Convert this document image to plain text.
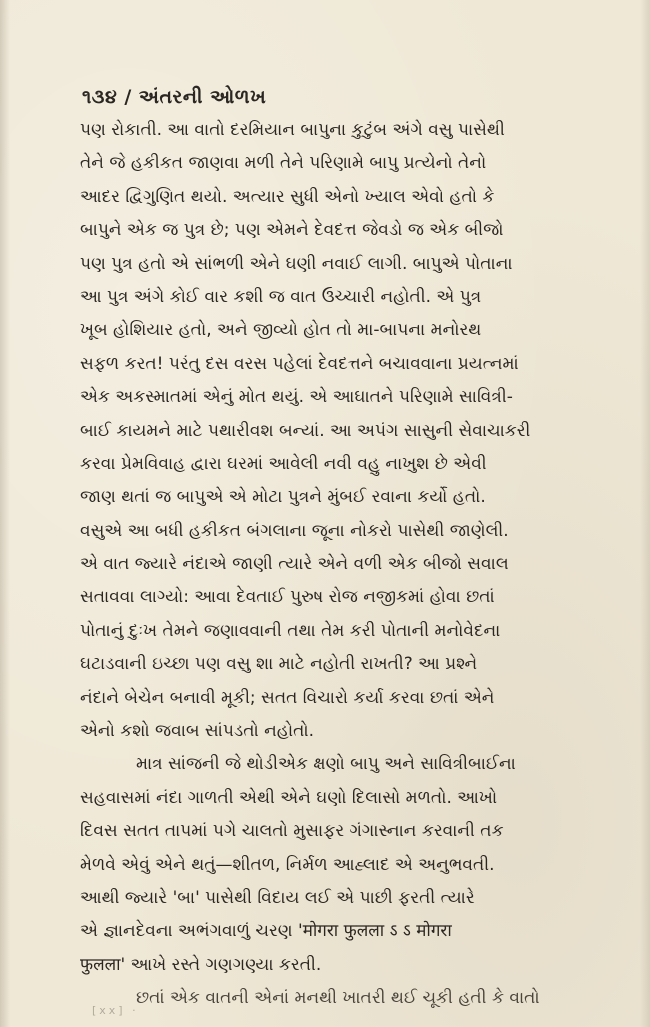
૧૩૪ / અંતરની ઓળખ
પણ રોકાતી. આ વાતો દરમિયાન બાપુના કુટુંબ અંગે વસુ પાસેથી
તેને જે હકીકત જાણવા મળી તેને પરિણામે બાપુ પ્રત્યેનો તેનો
આદર દ્વિગુણિત થયો. અત્યાર સુધી એનો ખ્યાલ એવો હતો કે
બાપુને એક જ પુત્ર છે; પણ એમને દેવદત્ત જેવડો જ એક બીજો
પણ પુત્ર હતો એ સાંભળી એને ઘણી નવાઈ લાગી. બાપુએ પોતાના
આ પુત્ર અંગે કોઈ વાર કશી જ વાત ઉચ્ચારી નહોતી. એ પુત્ર
ખૂબ હોશિયાર હતો, અને જીવ્યો હોત તો મા-બાપના મનોરથ
સફળ કરત! પરંતુ દસ વરસ પહેલાં દેવદત્તને બચાવવાના પ્રયત્નમાં
એક અકસ્માતમાં એનું મોત થયું. એ આઘાતને પરિણામે સાવિત્રી-
બાઈ કાયમને માટે પથારીવશ બન્યાં. આ અપંગ સાસુની સેવાચાકરી
કરવા પ્રેમવિવાહ દ્વારા ઘરમાં આવેલી નવી વહુ નાખુશ છે એવી
જાણ થતાં જ બાપુએ એ મોટા પુત્રને મુંબઈ રવાના કર્યો હતો.
વસુએ આ બધી હકીકત બંગલાના જૂના નોકરો પાસેથી જાણેલી.
એ વાત જ્યારે નંદાએ જાણી ત્યારે એને વળી એક બીજો સવાલ
સતાવવા લાગ્યો: આવા દેવતાઈ પુરુષ રોજ નજીકમાં હોવા છતાં
પોતાનું દુઃખ તેમને જણાવવાની તથા તેમ કરી પોતાની મનોવેદના
ઘટાડવાની ઇચ્છા પણ વસુ શા માટે નહોતી રાખતી? આ પ્રશ્ને
નંદાને બેચેન બનાવી મૂકી; સતત વિચારો કર્યા કરવા છતાં એને
એનો કશો જવાબ સાંપડતો નહોતો.
માત્ર સાંજની જે થોડીએક ક્ષણો બાપુ અને સાવિત્રીબાઈના
સહવાસમાં નંદા ગાળતી એથી એને ઘણો દિલાસો મળતો. આખો
દિવસ સતત તાપમાં પગે ચાલતો મુસાફર ગંગાસ્નાન કરવાની તક
મેળવે એવું એને થતું—શીતળ, નિર્મળ આહ્લાદ એ અનુભવતી.
આથી જ્યારે 'બા' પાસેથી વિદાય લઈ એ પાછી ફરતી ત્યારે
એ જ્ઞાનદેવના અભંગવાળું ચરણ 'मोगरा फुलला ऽ ऽ मोगरा
फुलला' આખે રસ્તે ગણગણ્યા કરતી.
છતાં એક વાતની એનાં મનથી ખાતરી થઈ ચૂકી હતી કે વાતો
[xx] ·
